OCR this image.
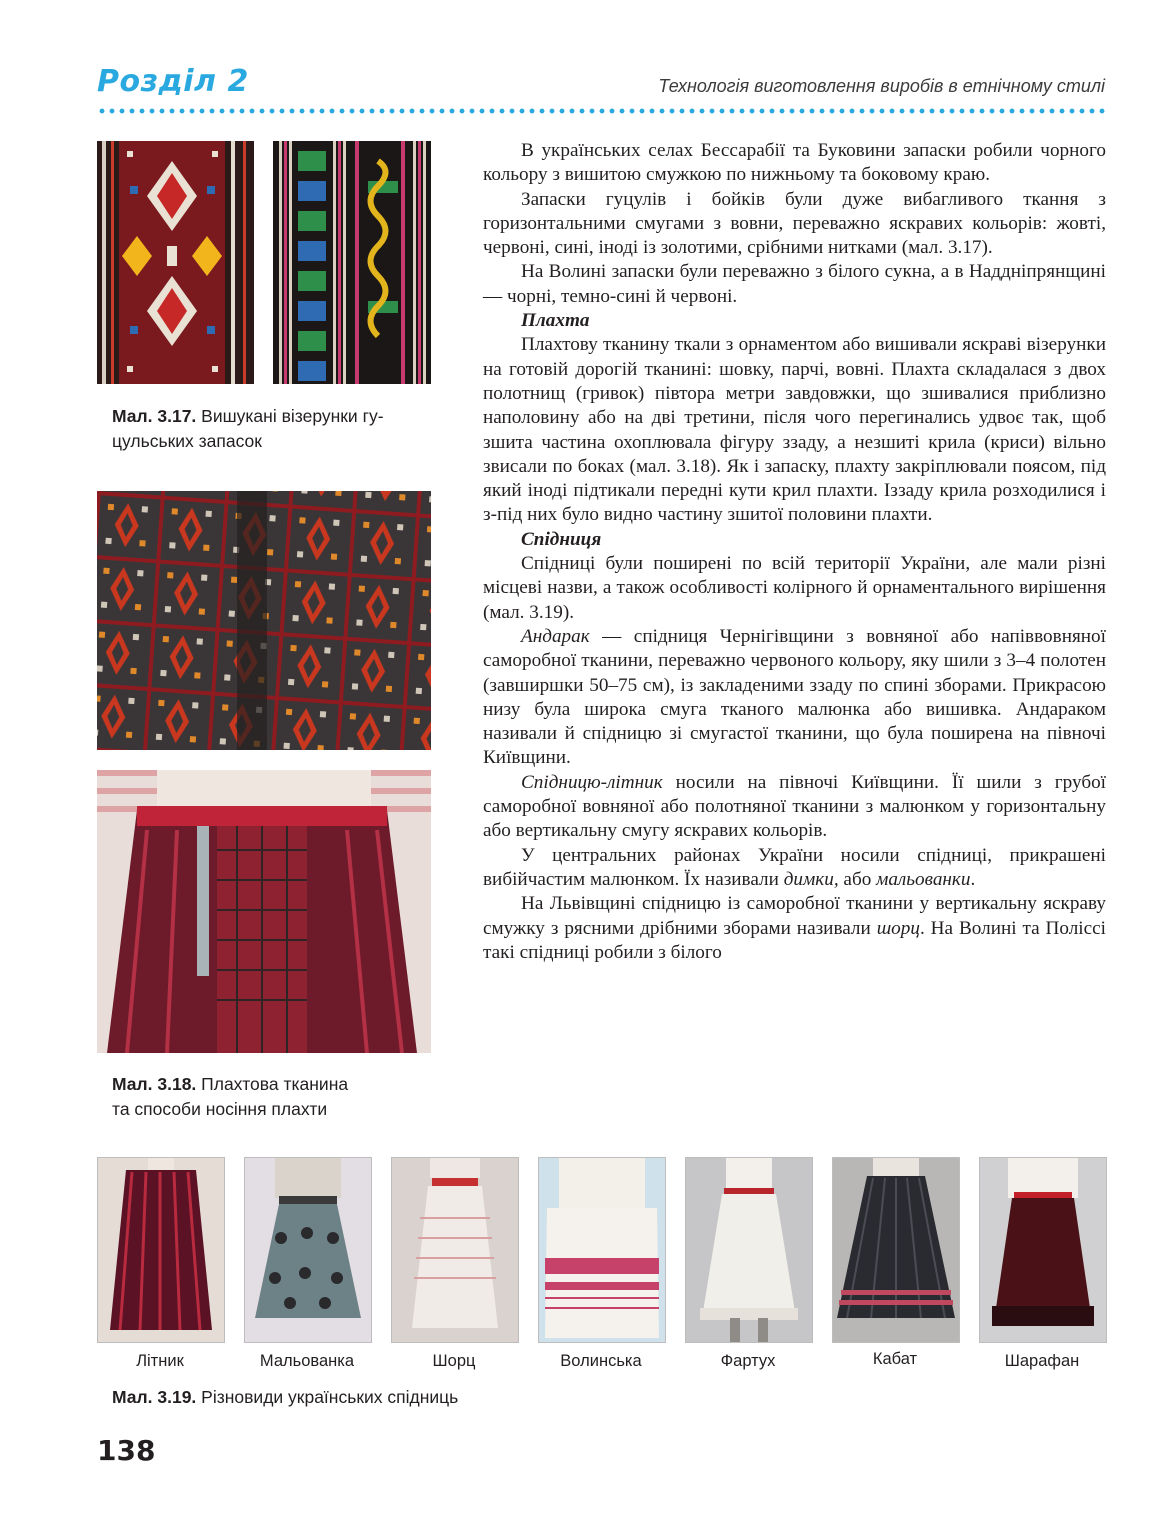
Розділ 2	Технологія виготовлення виробів в етнічному стилі
Мал. 3.17. Вишукані візерунки гу-
цульських запасок
Мал. 3.18. Плахтова тканина
та способи носіння плахти

В українських селах Бессарабії та Буковини запаски робили чорного кольору з вишитою смужкою по нижньому та боковому краю.

Запаски гуцулів і бойків були дуже вибагливого ткання з горизонтальними смугами з вовни, переважно яскравих кольорів: жовті, червоні, сині, іноді із золотими, срібними нитками (мал. 3.17).

На Волині запаски були переважно з білого сукна, а в Наддніпрянщині — чорні, темно-сині й червоні.

Плахта

Плахтову тканину ткали з орнаментом або вишивали яскраві візерунки на готовій дорогій тканині: шовку, парчі, вовні. Плахта складалася з двох полотнищ (гривок) півтора метри завдовжки, що зшивалися приблизно наполовину або на дві третини, після чого перегинались удвоє так, щоб зшита частина охоплювала фігуру ззаду, а незшиті крила (криси) вільно звисали по боках (мал. 3.18). Як і запаску, плахту закріплювали поясом, під який іноді підтикали передні кути крил плахти. Іззаду крила розходилися і з-під них було видно частину зшитої половини плахти.

Спідниця

Спідниці були поширені по всій території України, але мали різні місцеві назви, а також особливості колірного й орнаментального вирішення (мал. 3.19).

Андарак — спідниця Чернігівщини з вовняної або напіввовняної саморобної тканини, переважно червоного кольору, яку шили з 3–4 полотен (завширшки 50–75 см), із закладеними ззаду по спині зборами. Прикрасою низу була широка смуга тканого малюнка або вишивка. Андараком називали й спідницю зі смугастої тканини, що була поширена на півночі Київщини.

Спідницю-літник носили на півночі Київщини. Її шили з грубої саморобної вовняної або полотняної тканини з малюнком у горизонтальну або вертикальну смугу яскравих кольорів.

У центральних районах України носили спідниці, прикрашені вибійчастим малюнком. Їх називали димки, або мальованки.

На Львівщині спідницю із саморобної тканини у вертикальну яскраву смужку з рясними дрібними зборами називали шорц. На Волині та Поліссі такі спідниці робили з білого

Літник	Мальованка	Шорц	Волинська	Фартух	Кабат	Шарафан
Мал. 3.19. Різновиди українських спідниць
138
